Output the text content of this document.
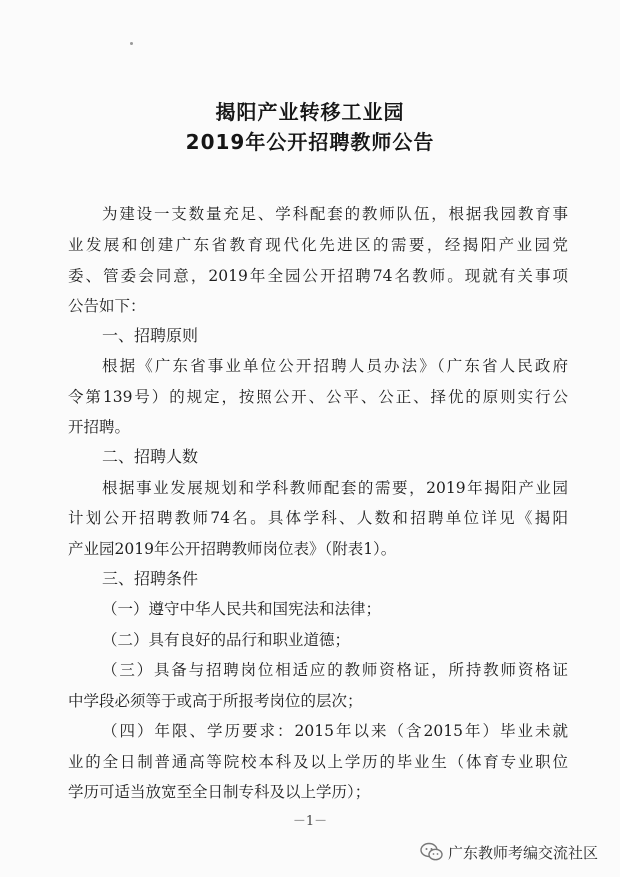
揭阳产业转移工业园
2019年公开招聘教师公告
为建设一支数量充足、学科配套的教师队伍，根据我园教育事
业发展和创建广东省教育现代化先进区的需要，经揭阳产业园党
委、管委会同意，2019年全园公开招聘74名教师。现就有关事项
公告如下：
一、招聘原则
根据《广东省事业单位公开招聘人员办法》（广东省人民政府
令第139号）的规定，按照公开、公平、公正、择优的原则实行公
开招聘。
二、招聘人数
根据事业发展规划和学科教师配套的需要，2019年揭阳产业园
计划公开招聘教师74名。具体学科、人数和招聘单位详见《揭阳
产业园2019年公开招聘教师岗位表》（附表1）。
三、招聘条件
（一）遵守中华人民共和国宪法和法律；
（二）具有良好的品行和职业道德；
（三）具备与招聘岗位相适应的教师资格证，所持教师资格证
中学段必须等于或高于所报考岗位的层次；
（四）年限、学历要求：2015年以来（含2015年）毕业未就
业的全日制普通高等院校本科及以上学历的毕业生（体育专业职位
学历可适当放宽至全日制专科及以上学历）；
－1－
广东教师考编交流社区
